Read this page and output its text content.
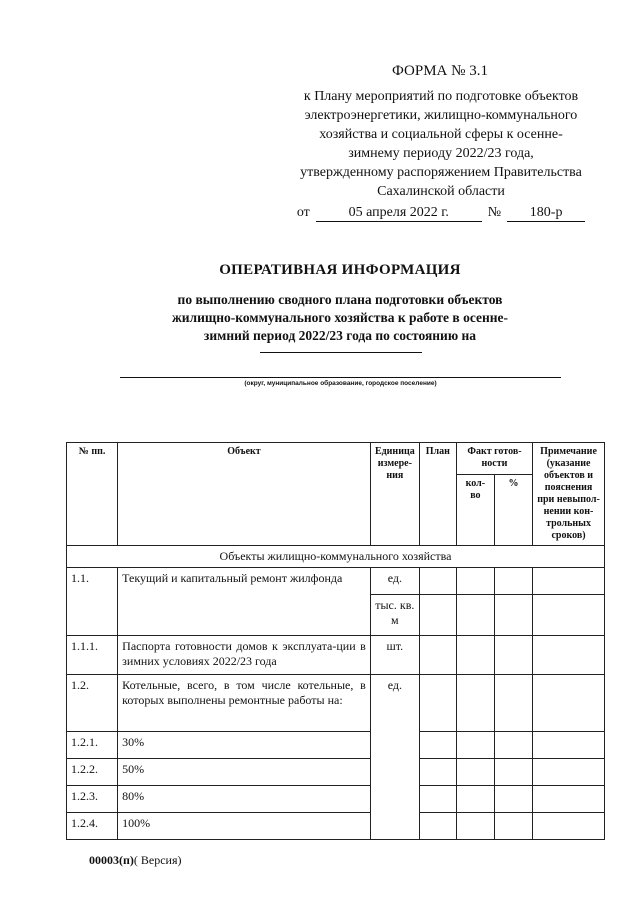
ФОРМА № 3.1
к Плану мероприятий по подготовке объектов
электроэнергетики, жилищно-коммунального
хозяйства и социальной сферы к осенне-
зимнему периоду 2022/23 года,
утвержденному распоряжением Правительства
Сахалинской области
от	05 апреля 2022 г.	№	180-р
ОПЕРАТИВНАЯ ИНФОРМАЦИЯ
по выполнению сводного плана подготовки объектов
жилищно-коммунального хозяйства к работе в осенне-
зимний период 2022/23 года по состоянию на
(округ, муниципальное образование, городское поселение)
№ пп.	Объект	Единица измере-ния	План	Факт готов-ности		Примечание (указание объектов и пояснения при невыпол-нении кон-трольных сроков)
				кол-во	%	
Объекты жилищно-коммунального хозяйства						
1.1.	Текущий и капитальный ремонт жилфонда	ед.				
		тыс. кв. м				
1.1.1.	Паспорта готовности домов к эксплуата-ции в зимних условиях 2022/23 года	шт.				
1.2.	Котельные, всего, в том числе котельные, в которых выполнены ремонтные работы на:	ед.				
1.2.1.	30%					
1.2.2.	50%					
1.2.3.	80%					
1.2.4.	100%					
00003(п)( Версия)
